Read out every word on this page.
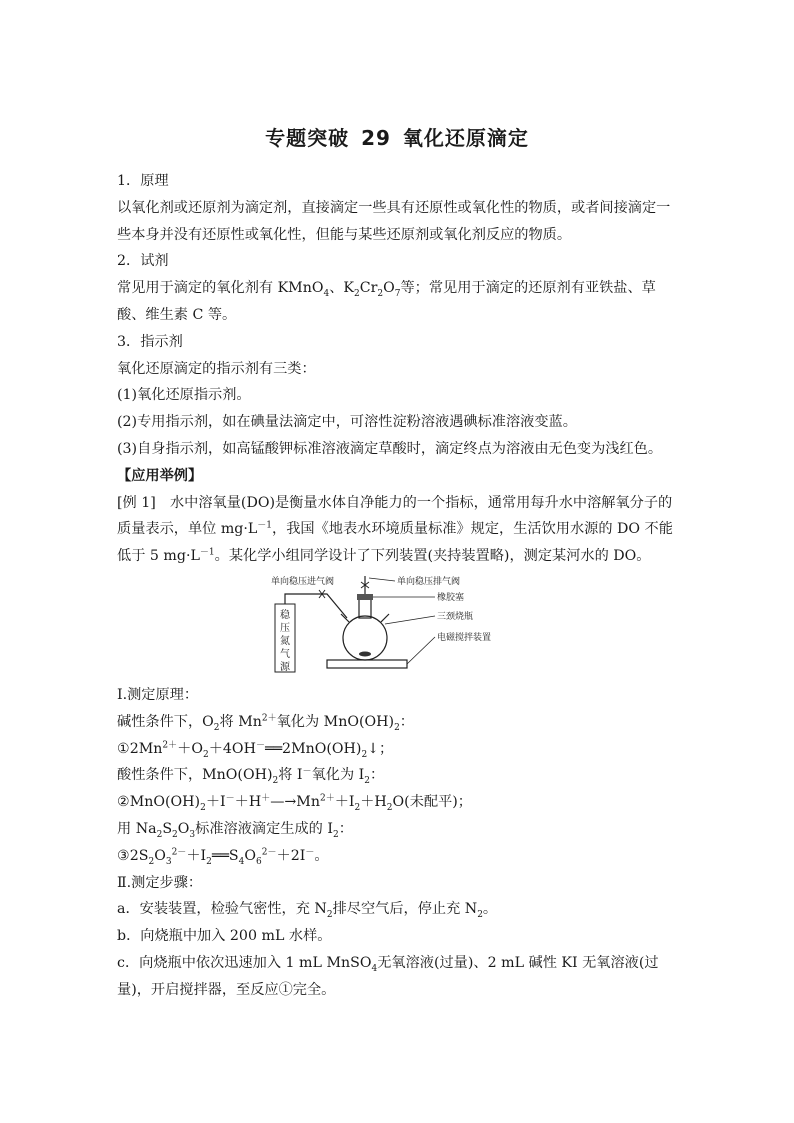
专题突破 29 氧化还原滴定

1．原理

以氧化剂或还原剂为滴定剂，直接滴定一些具有还原性或氧化性的物质，或者间接滴定一些本身并没有还原性或氧化性，但能与某些还原剂或氧化剂反应的物质。

2．试剂

常见用于滴定的氧化剂有 KMnO$_4$、$K_2Cr_2O_7$等；常见用于滴定的还原剂有亚铁盐、草酸、维生素 C 等。

3．指示剂

氧化还原滴定的指示剂有三类：

(1)氧化还原指示剂。

(2)专用指示剂，如在碘量法滴定中，可溶性淀粉溶液遇碘标准溶液变蓝。

(3)自身指示剂，如高锰酸钾标准溶液滴定草酸时，滴定终点为溶液由无色变为浅红色。

【应用举例】

[例 1]　水中溶氧量(DO)是衡量水体自净能力的一个指标，通常用每升水中溶解氧分子的质量表示，单位 $mg\cdot L^{-1}$，我国《地表水环境质量标准》规定，生活饮用水源的 DO 不能低于 5 $mg\cdot L^{-1}$。某化学小组同学设计了下列装置(夹持装置略)，测定某河水的 DO。

单向稳压进气阀	单向稳压排气阀
橡胶塞
三颈烧瓶
电磁搅拌装置
稳
压
氮
气
源

Ⅰ.测定原理：

碱性条件下，$O_2$将 $Mn^{2+}$氧化为 $MnO(OH)_2$：

$①2Mn^{2+}+O_2+4OH^-══2MnO(OH)_2↓$；

酸性条件下，$MnO(OH)_2$将 I－氧化为 $I_2$：

$②MnO(OH)_2+I^-+H^+—\to Mn^{2+}+I_2+H_2O$(未配平)；

用 $Na_2S_2O_3$标准溶液滴定生成的 $I_2$：

$③2S_2O_3^{2-}+I_2══S_4O_6^{2-}+2I^-$。

Ⅱ.测定步骤：

a．安装装置，检验气密性，充 $N_2$排尽空气后，停止充 $N_2$。

b．向烧瓶中加入 200 mL 水样。

c．向烧瓶中依次迅速加入 1 mL MnSO$_4$无氧溶液(过量)、2 mL 碱性 KI 无氧溶液(过量)，开启搅拌器，至反应①完全。
